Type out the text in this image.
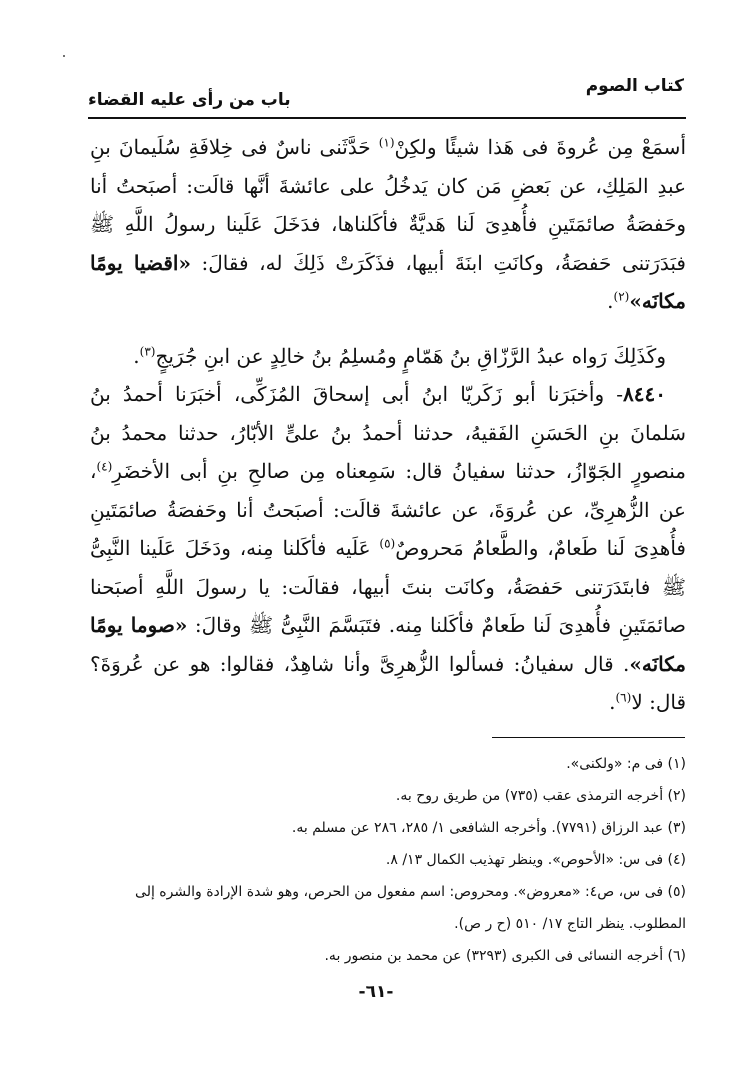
كتاب الصوم
باب من رأى عليه القضاء

أسمَعْ مِن عُروةَ فى هَذا شيئًا ولكِنْ$^{(١)}$ حَدَّثَنى ناسٌ فى خِلافَةِ سُلَيمانَ بنِ عبدِ المَلِكِ، عن بَعضِ مَن كان يَدخُلُ على عائشةَ أنَّها قالَت: أصبَحتُ أنا وحَفصَةُ صائمَتَينِ فأُهدِىَ لَنا هَديَّةٌ فأكَلناها، فدَخَلَ عَلَينا رسولُ اللَّهِ ﷺ فبَدَرَتنى حَفصَةُ، وكانَتِ ابنَةَ أبيها، فذَكَرَتْ ذَلِكَ له، فقالَ: «اقضيا يومًا مكانَه»$^{(٢)}$.

وكَذَلِكَ رَواه عبدُ الرَّزّاقِ بنُ هَمّامٍ ومُسلِمُ بنُ خالِدٍ عن ابنِ جُرَيجٍ$^{(٣)}$.

٨٤٤٠- وأخبَرَنا أبو زَكَريّا ابنُ أبى إسحاقَ المُزَكِّى، أخبَرَنا أحمدُ بنُ سَلمانَ بنِ الحَسَنِ الفَقيهُ، حدثنا أحمدُ بنُ علىٍّ الأبّارُ، حدثنا محمدُ بنُ منصورٍ الجَوّازُ، حدثنا سفيانُ قال: سَمِعناه مِن صالحِ بنِ أبى الأخضَرِ$^{(٤)}$، عن الزُّهرِىِّ، عن عُروَةَ، عن عائشةَ قالَت: أصبَحتُ أنا وحَفصَةُ صائمَتَينِ فأُهدِىَ لَنا طَعامٌ، والطَّعامُ مَحروصٌ$^{(٥)}$ عَلَيه فأكَلنا مِنه، ودَخَلَ عَلَينا النَّبِىُّ ﷺ فابتَدَرَتنى حَفصَةُ، وكانَت بنتَ أبيها، فقالَت: يا رسولَ اللَّهِ أصبَحنا صائمَتَينِ فأُهدِىَ لَنا طَعامٌ فأكَلنا مِنه. فتَبَسَّمَ النَّبِىُّ ﷺ وقالَ: «صوما يومًا مكانَه». قال سفيانُ: فسألوا الزُّهرِىَّ وأنا شاهِدٌ، فقالوا: هو عن عُروَةَ؟ قال: لا$^{(٦)}$.

(١) فى م: «ولكنى».

(٢) أخرجه الترمذى عقب (٧٣٥) من طريق روح به.

(٣) عبد الرزاق (٧٧٩١). وأخرجه الشافعى ١/ ٢٨٥، ٢٨٦ عن مسلم به.

(٤) فى س: «الأحوص». وينظر تهذيب الكمال ١٣/ ٨.

(٥) فى س، ص٤: «معروض». ومحروص: اسم مفعول من الحرص، وهو شدة الإرادة والشره إلى المطلوب. ينظر التاج ١٧/ ٥١٠ (ح ر ص).

(٦) أخرجه النسائى فى الكبرى (٣٢٩٣) عن محمد بن منصور به.

-٦١-
